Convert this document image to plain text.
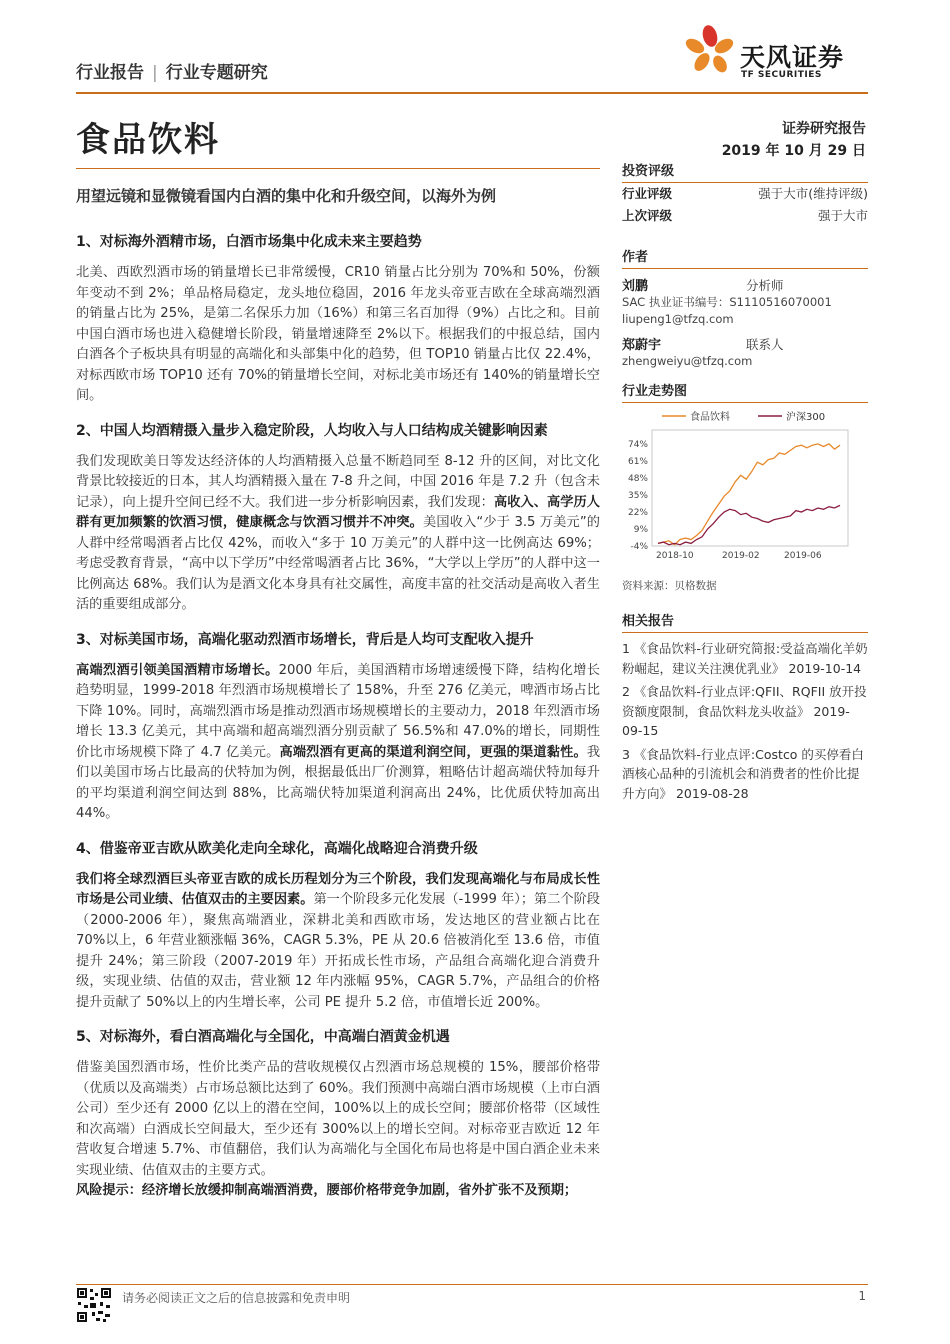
行业报告 | 行业专题研究
天风证券
TF SECURITIES
食品饮料	证券研究报告
2019 年 10 月 29 日
用望远镜和显微镜看国内白酒的集中化和升级空间，以海外为例
1、对标海外酒精市场，白酒市场集中化成未来主要趋势
北美、西欧烈酒市场的销量增长已非常缓慢，CR10 销量占比分别为 70%和 50%，份额年变动不到 2%；单品格局稳定，龙头地位稳固，2016 年龙头帝亚吉欧在全球高端烈酒的销量占比为 25%，是第二名保乐力加（16%）和第三名百加得（9%）占比之和。目前中国白酒市场也进入稳健增长阶段，销量增速降至 2%以下。根据我们的中报总结，国内白酒各个子板块具有明显的高端化和头部集中化的趋势，但 TOP10 销量占比仅 22.4%，对标西欧市场 TOP10 还有 70%的销量增长空间，对标北美市场还有 140%的销量增长空间。
2、中国人均酒精摄入量步入稳定阶段，人均收入与人口结构成关键影响因素
我们发现欧美日等发达经济体的人均酒精摄入总量不断趋同至 8-12 升的区间，对比文化背景比较接近的日本，其人均酒精摄入量在 7-8 升之间，中国 2016 年是 7.2 升（包含未记录），向上提升空间已经不大。我们进一步分析影响因素，我们发现：高收入、高学历人群有更加频繁的饮酒习惯，健康概念与饮酒习惯并不冲突。美国收入“少于 3.5 万美元”的人群中经常喝酒者占比仅 42%，而收入“多于 10 万美元”的人群中这一比例高达 69%；考虑受教育背景，“高中以下学历”中经常喝酒者占比 36%，“大学以上学历”的人群中这一比例高达 68%。我们认为是酒文化本身具有社交属性，高度丰富的社交活动是高收入者生活的重要组成部分。
3、对标美国市场，高端化驱动烈酒市场增长，背后是人均可支配收入提升
高端烈酒引领美国酒精市场增长。2000 年后，美国酒精市场增速缓慢下降，结构化增长趋势明显，1999-2018 年烈酒市场规模增长了 158%，升至 276 亿美元，啤酒市场占比下降 10%。同时，高端烈酒市场是推动烈酒市场规模增长的主要动力，2018 年烈酒市场增长 13.3 亿美元，其中高端和超高端烈酒分别贡献了 56.5%和 47.0%的增长，同期性价比市场规模下降了 4.7 亿美元。高端烈酒有更高的渠道利润空间，更强的渠道黏性。我们以美国市场占比最高的伏特加为例，根据最低出厂价测算，粗略估计超高端伏特加每升的平均渠道利润空间达到 88%，比高端伏特加渠道利润高出 24%，比优质伏特加高出 44%。
4、借鉴帝亚吉欧从欧美化走向全球化，高端化战略迎合消费升级
我们将全球烈酒巨头帝亚吉欧的成长历程划分为三个阶段，我们发现高端化与布局成长性市场是公司业绩、估值双击的主要因素。第一个阶段多元化发展（-1999 年）；第二个阶段（2000-2006 年），聚焦高端酒业，深耕北美和西欧市场，发达地区的营业额占比在 70%以上，6 年营业额涨幅 36%，CAGR 5.3%，PE 从 20.6 倍被消化至 13.6 倍，市值提升 24%；第三阶段（2007-2019 年）开拓成长性市场，产品组合高端化迎合消费升级，实现业绩、估值的双击，营业额 12 年内涨幅 95%，CAGR 5.7%，产品组合的价格提升贡献了 50%以上的内生增长率，公司 PE 提升 5.2 倍，市值增长近 200%。
5、对标海外，看白酒高端化与全国化，中高端白酒黄金机遇
借鉴美国烈酒市场，性价比类产品的营收规模仅占烈酒市场总规模的 15%，腰部价格带（优质以及高端类）占市场总额比达到了 60%。我们预测中高端白酒市场规模（上市白酒公司）至少还有 2000 亿以上的潜在空间，100%以上的成长空间；腰部价格带（区域性和次高端）白酒成长空间最大，至少还有 300%以上的增长空间。对标帝亚吉欧近 12 年营收复合增速 5.7%、市值翻倍，我们认为高端化与全国化布局也将是中国白酒企业未来实现业绩、估值双击的主要方式。
风险提示：经济增长放缓抑制高端酒消费，腰部价格带竞争加剧，省外扩张不及预期；
投资评级
行业评级	强于大市(维持评级)
上次评级	强于大市
作者
刘鹏	分析师
SAC 执业证书编号：S1110516070001
liupeng1@tfzq.com
郑蔚宇	联系人
zhengweiyu@tfzq.com
行业走势图
食品饮料	沪深300
74%
61%
48%
35%
22%
9%
-4%
2018-10	2019-02	2019-06
资料来源：贝格数据
相关报告
1 《食品饮料-行业研究简报:受益高端化羊奶粉崛起，建议关注澳优乳业》 2019-10-14
2 《食品饮料-行业点评:QFII、RQFII 放开投资额度限制，食品饮料龙头收益》 2019-09-15
3 《食品饮料-行业点评:Costco 的买停看白酒核心品种的引流机会和消费者的性价比提升方向》 2019-08-28
请务必阅读正文之后的信息披露和免责申明	1
